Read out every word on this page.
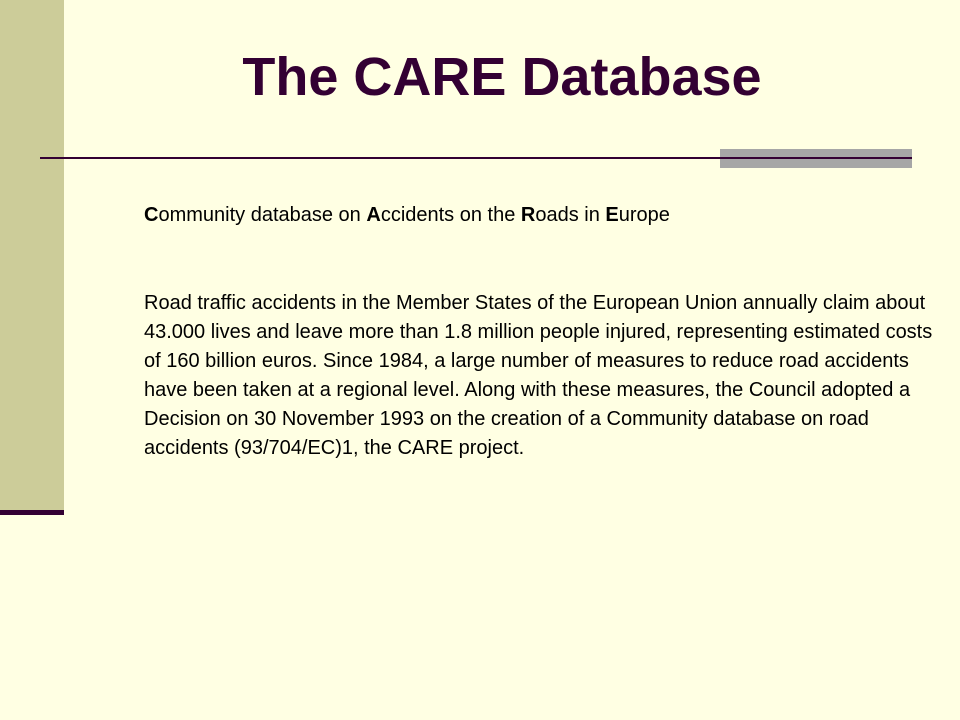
The CARE Database

Community database on Accidents on the Roads in Europe

Road traffic accidents in the Member States of the European Union annually claim about 43.000 lives and leave more than 1.8 million people injured, representing estimated costs of 160 billion euros. Since 1984, a large number of measures to reduce road accidents have been taken at a regional level. Along with these measures, the Council adopted a Decision on 30 November 1993 on the creation of a Community database on road accidents (93/704/EC)1, the CARE project.
